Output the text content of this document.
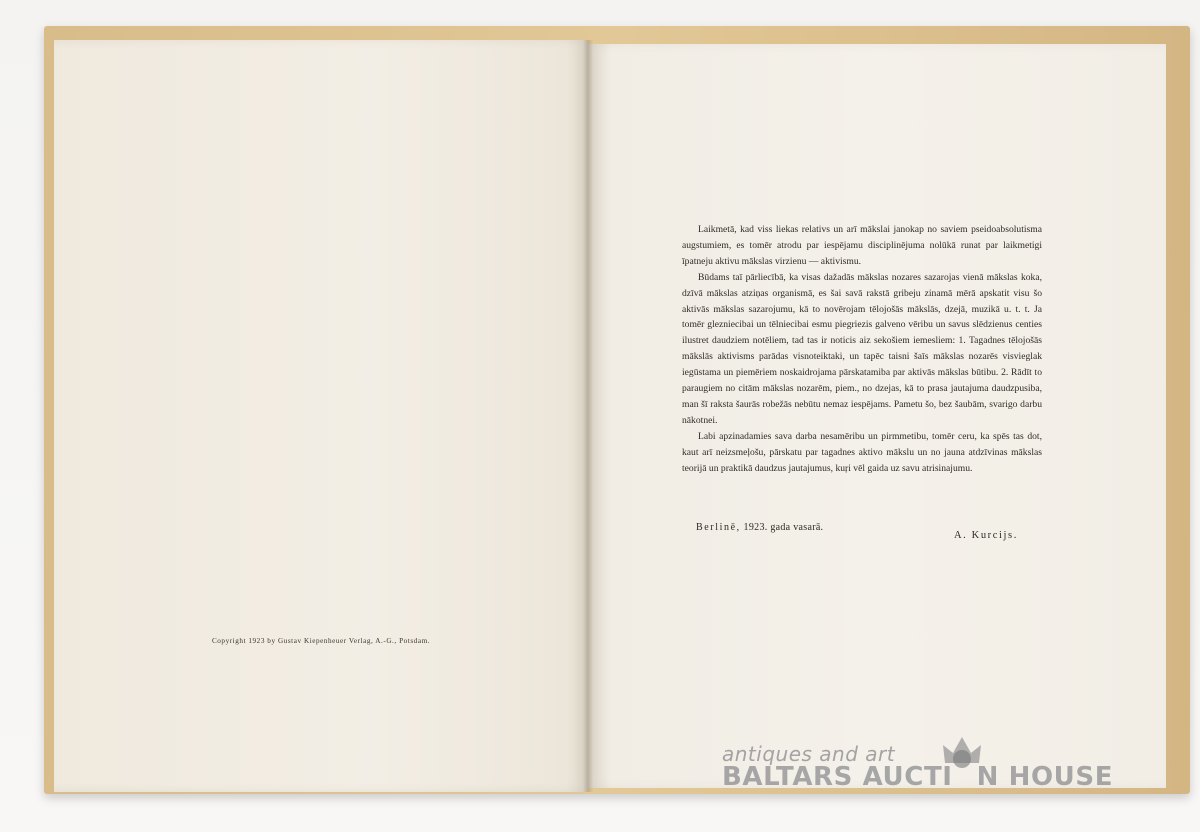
Copyright 1923 by Gustav Kiepenheuer Verlag, A.-G., Potsdam.

Laikmetā, kad viss liekas relativs un arī mākslai janokap no saviem pseidoabsolutisma augstumiem, es tomēr atrodu par iespējamu disciplinējuma nolūkā runat par laikmetigi īpatneju aktivu mākslas virzienu — aktivismu.

Būdams taī pārliecībā, ka visas dažadās mākslas nozares sazarojas vienā mākslas koka, dzīvā mākslas atziņas organismā, es šai savā rakstā gribeju zinamā mērā apskatit visu šo aktivās mākslas sazarojumu, kā to novērojam tēlojošās mākslās, dzejā, muzikā u. t. t. Ja tomēr glezniecibai un tēlniecibai esmu piegriezis galveno vēribu un savus slēdzienus centies ilustret daudziem notēliem, tad tas ir noticis aiz sekošiem iemesliem: 1. Tagadnes tēlojošās mākslās aktivisms parādas visnoteiktaki, un tapēc taisni šaīs mākslas nozarēs visvieglak iegūstama un piemēriem noskaidrojama pārskatamiba par aktivās mākslas būtibu. 2. Rādīt to paraugiem no citām mākslas nozarēm, piem., no dzejas, kā to prasa jautajuma daudzpusiba, man šī raksta šaurās robežās nebūtu nemaz iespējams. Pametu šo, bez šaubām, svarigo darbu nākotnei.

Labi apzinadamies sava darba nesamēribu un pirmmetibu, tomēr ceru, ka spēs tas dot, kaut arī neizsmeļošu, pārskatu par tagadnes aktivo mākslu un no jauna atdzīvinas mākslas teorijā un praktikā daudzus jautajumus, kuŗi vēl gaida uz savu atrisinajumu.

Berlinē, 1923. gada vasarā.
A. Kurcijs.
antiques and art
BALTARS AUCTI N HOUSE
